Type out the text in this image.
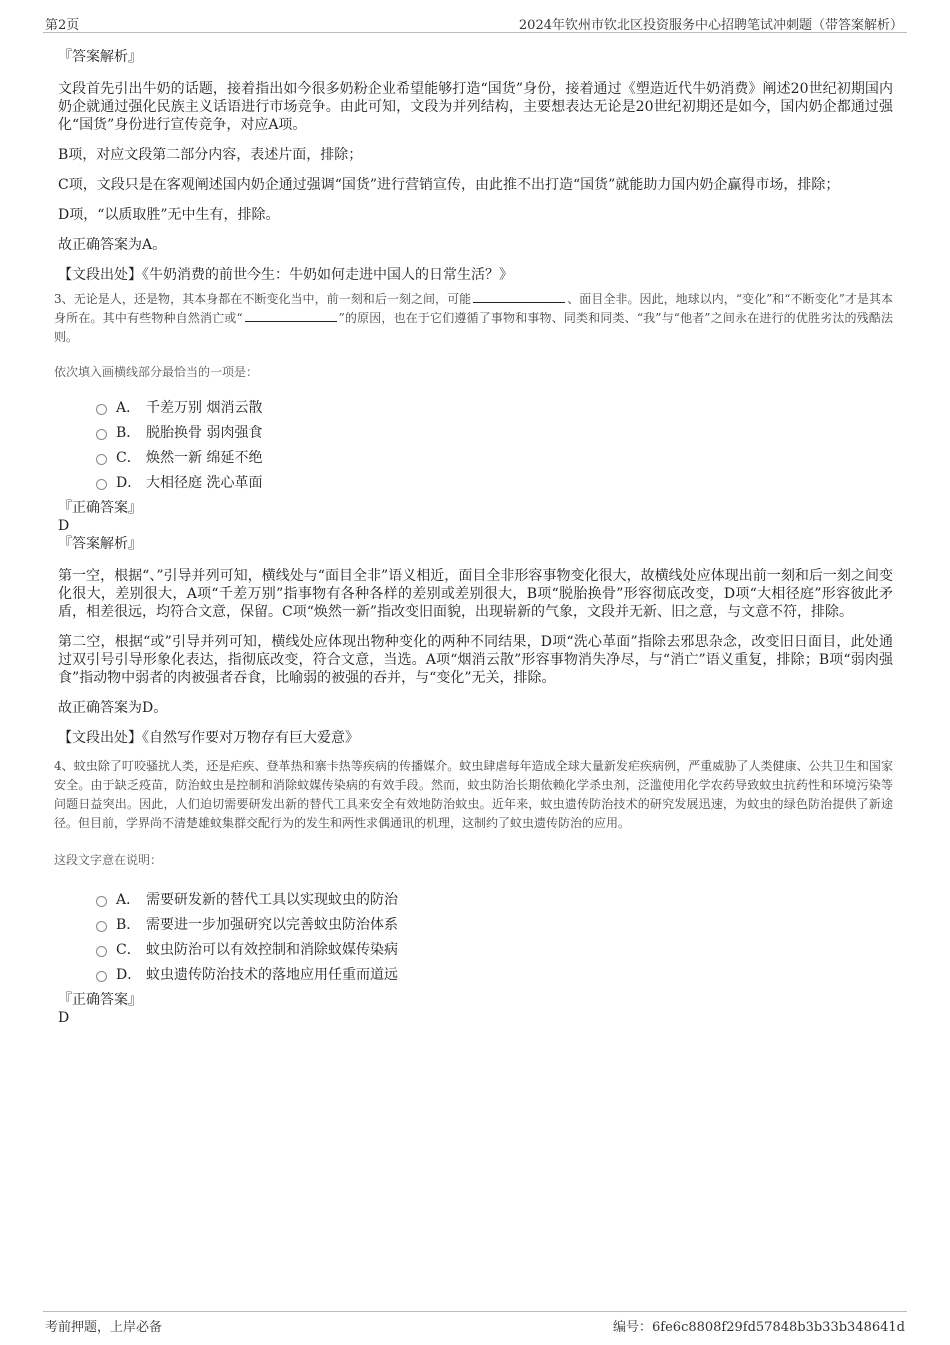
第2页	2024年钦州市钦北区投资服务中心招聘笔试冲刺题（带答案解析）

『答案解析』

文段首先引出牛奶的话题，接着指出如今很多奶粉企业希望能够打造“国货”身份，接着通过《塑造近代牛奶消费》阐述20世纪初期国内奶企就通过强化民族主义话语进行市场竞争。由此可知，文段为并列结构，主要想表达无论是20世纪初期还是如今，国内奶企都通过强化“国货”身份进行宣传竞争，对应A项。

B项，对应文段第二部分内容，表述片面，排除；

C项，文段只是在客观阐述国内奶企通过强调“国货”进行营销宣传，由此推不出打造“国货”就能助力国内奶企赢得市场，排除；

D项，“以质取胜”无中生有，排除。

故正确答案为A。

【文段出处】《牛奶消费的前世今生：牛奶如何走进中国人的日常生活？》

3、无论是人，还是物，其本身都在不断变化当中，前一刻和后一刻之间，可能	、面目全非。因此，地球以内，“变化”和“不断变化”才是其本身所在。其中有些物种自然消亡或“	”的原因，也在于它们遵循了事物和事物、同类和同类、“我”与“他者”之间永在进行的优胜劣汰的残酷法则。

依次填入画横线部分最恰当的一项是：

A． 千差万别 烟消云散
B． 脱胎换骨 弱肉强食
C． 焕然一新 绵延不绝
D． 大相径庭 洗心革面

『正确答案』

D

『答案解析』

第一空，根据“、”引导并列可知，横线处与“面目全非”语义相近，面目全非形容事物变化很大，故横线处应体现出前一刻和后一刻之间变化很大，差别很大，A项“千差万别”指事物有各种各样的差别或差别很大，B项“脱胎换骨”形容彻底改变，D项“大相径庭”形容彼此矛盾，相差很远，均符合文意，保留。C项“焕然一新”指改变旧面貌，出现崭新的气象，文段并无新、旧之意，与文意不符，排除。

第二空，根据“或”引导并列可知，横线处应体现出物种变化的两种不同结果，D项“洗心革面”指除去邪思杂念，改变旧日面目，此处通过双引号引导形象化表达，指彻底改变，符合文意，当选。A项“烟消云散”形容事物消失净尽，与“消亡”语义重复，排除；B项“弱肉强食”指动物中弱者的肉被强者吞食，比喻弱的被强的吞并，与“变化”无关，排除。

故正确答案为D。

【文段出处】《自然写作要对万物存有巨大爱意》

4、蚊虫除了叮咬骚扰人类，还是疟疾、登革热和寨卡热等疾病的传播媒介。蚊虫肆虐每年造成全球大量新发疟疾病例，严重威胁了人类健康、公共卫生和国家安全。由于缺乏疫苗，防治蚊虫是控制和消除蚊媒传染病的有效手段。然而，蚊虫防治长期依赖化学杀虫剂，泛滥使用化学农药导致蚊虫抗药性和环境污染等问题日益突出。因此，人们迫切需要研发出新的替代工具来安全有效地防治蚊虫。近年来，蚊虫遗传防治技术的研究发展迅速，为蚊虫的绿色防治提供了新途径。但目前，学界尚不清楚雄蚊集群交配行为的发生和两性求偶通讯的机理，这制约了蚊虫遗传防治的应用。

这段文字意在说明：

A． 需要研发新的替代工具以实现蚊虫的防治
B． 需要进一步加强研究以完善蚊虫防治体系
C． 蚊虫防治可以有效控制和消除蚊媒传染病
D． 蚊虫遗传防治技术的落地应用任重而道远

『正确答案』

D

考前押题，上岸必备	编号：6fe6c8808f29fd57848b3b33b348641d
